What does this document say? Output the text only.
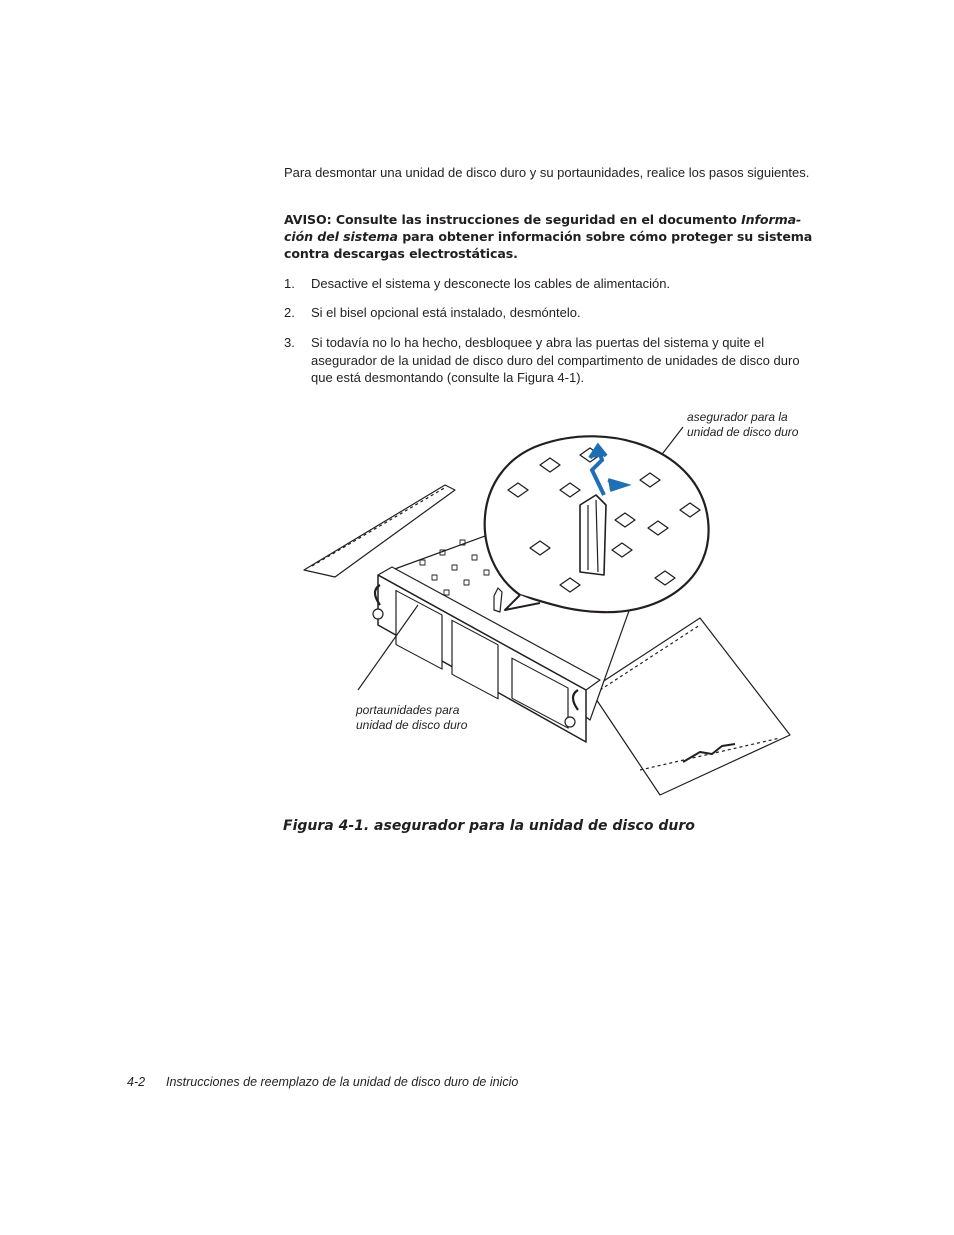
Para desmontar una unidad de disco duro y su portaunidades, realice los pasos siguientes.
AVISO: Consulte las instrucciones de seguridad en el documento Informa-ción del sistema para obtener información sobre cómo proteger su sistema contra descargas electrostáticas.
1. Desactive el sistema y desconecte los cables de alimentación.
2. Si el bisel opcional está instalado, desmóntelo.
3. Si todavía no lo ha hecho, desbloquee y abra las puertas del sistema y quite el asegurador de la unidad de disco duro del compartimento de unidades de disco duro que está desmontando (consulte la Figura 4-1).
asegurador para la unidad de disco duro
portaunidades para unidad de disco duro
Figura 4-1. asegurador para la unidad de disco duro
4-2 Instrucciones de reemplazo de la unidad de disco duro de inicio
